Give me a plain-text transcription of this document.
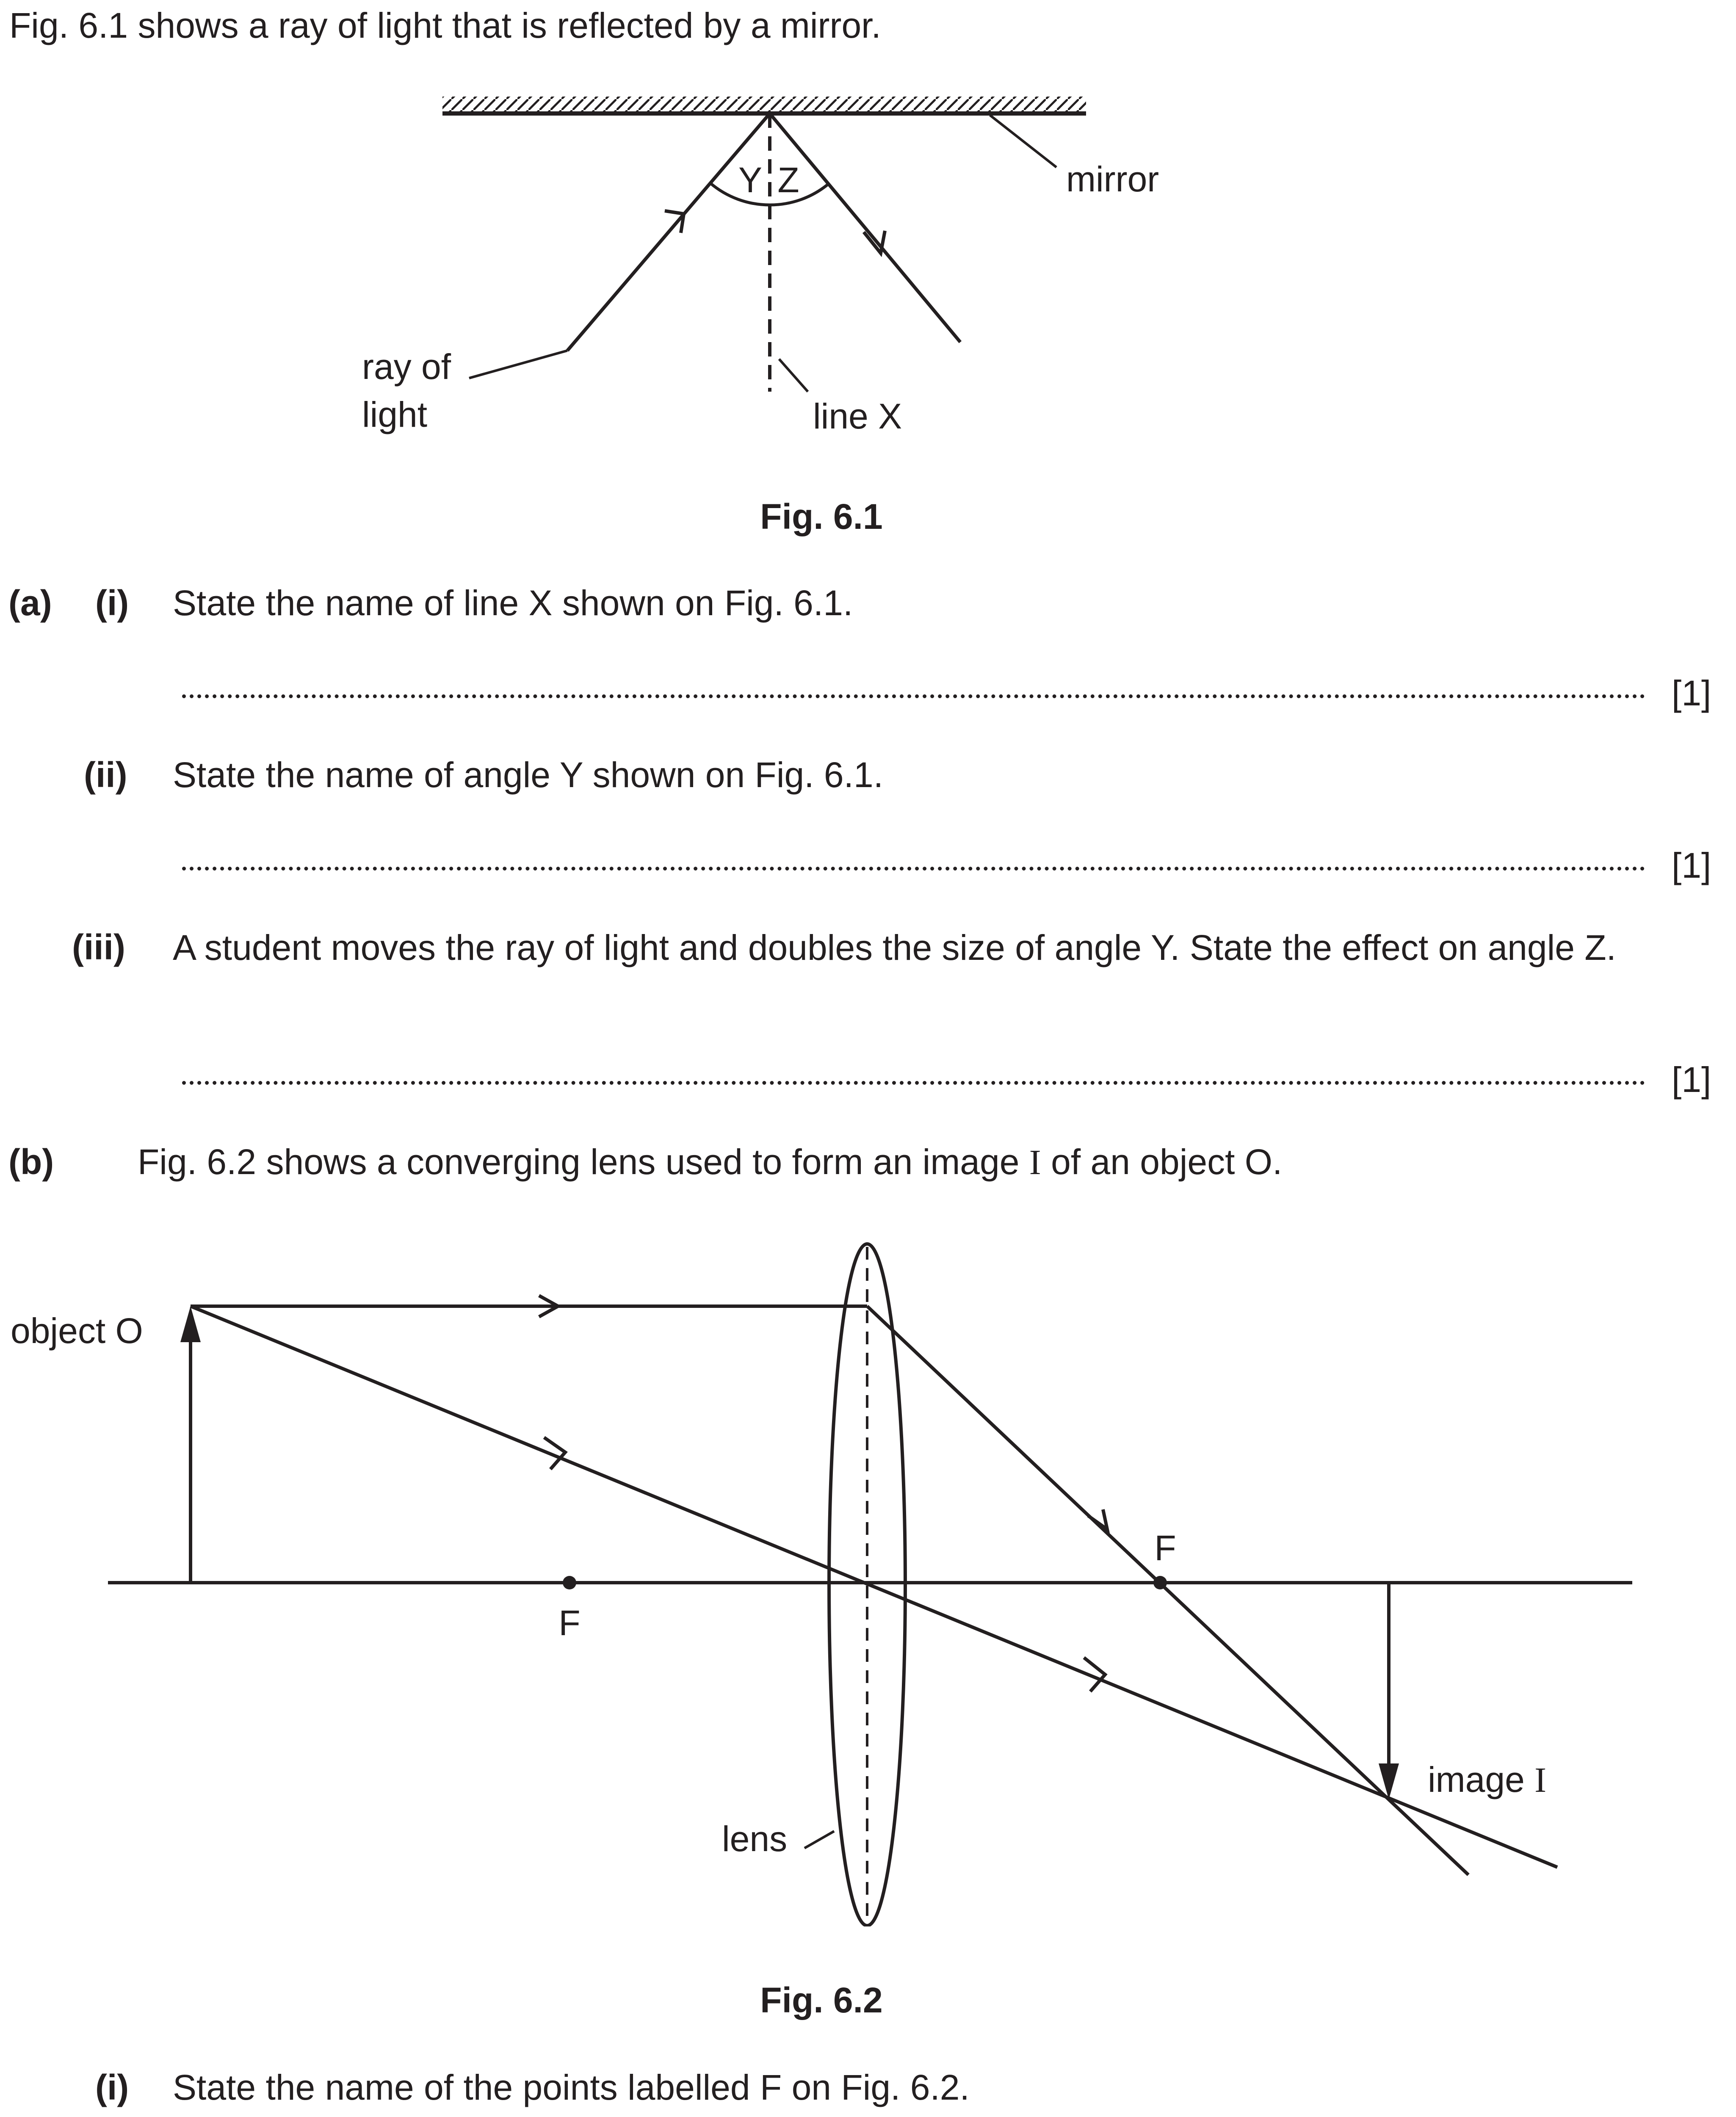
Fig. 6.1 shows a ray of light that is reflected by a mirror.
Y Z	mirror
ray of
light	line X
Fig. 6.1
(a) (i) State the name of line X shown on Fig. 6.1.
[1]
(ii) State the name of angle Y shown on Fig. 6.1.
[1]
(iii) A student moves the ray of light and doubles the size of angle Y. State the effect on angle Z.
[1]
(b) Fig. 6.2 shows a converging lens used to form an image I of an object O.
object O
F
F
lens
image I
Fig. 6.2
(i) State the name of the points labelled F on Fig. 6.2.
